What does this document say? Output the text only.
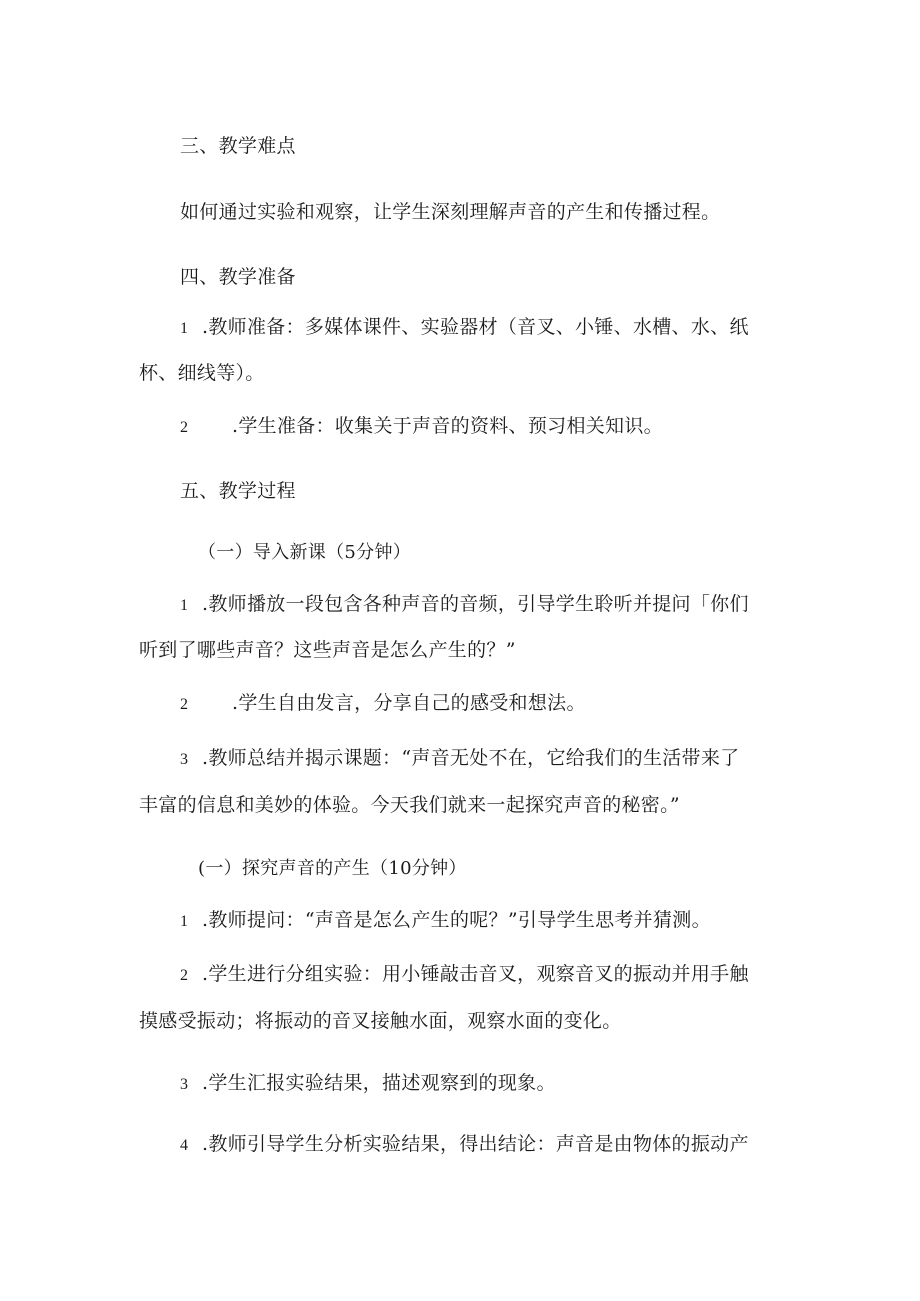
三、教学难点
如何通过实验和观察，让学生深刻理解声音的产生和传播过程。
四、教学准备
1 .教师准备：多媒体课件、实验器材（音叉、小锤、水槽、水、纸
杯、细线等）。
2 .学生准备：收集关于声音的资料、预习相关知识。
五、教学过程
（一）导入新课（5分钟）
1 .教师播放一段包含各种声音的音频，引导学生聆听并提问「你们
听到了哪些声音？这些声音是怎么产生的？”
2 .学生自由发言，分享自己的感受和想法。
3 .教师总结并揭示课题：“声音无处不在，它给我们的生活带来了
丰富的信息和美妙的体验。今天我们就来一起探究声音的秘密。”
(一）探究声音的产生（10分钟）
1 .教师提问：“声音是怎么产生的呢？”引导学生思考并猜测。
2 .学生进行分组实验：用小锤敲击音叉，观察音叉的振动并用手触
摸感受振动；将振动的音叉接触水面，观察水面的变化。
3 .学生汇报实验结果，描述观察到的现象。
4 .教师引导学生分析实验结果，得出结论：声音是由物体的振动产
